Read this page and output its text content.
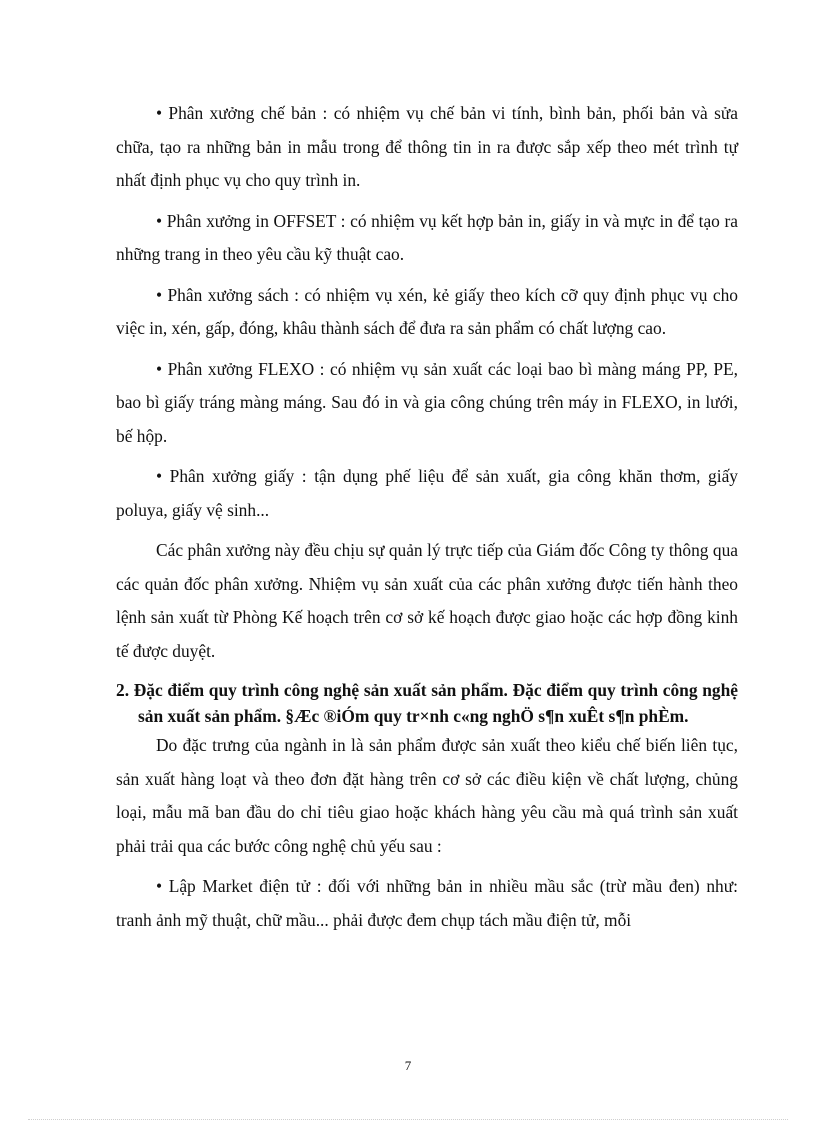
• Phân xưởng chế bản : có nhiệm vụ chế bản vi tính, bình bản, phối bản và sửa chữa, tạo ra những bản in mẫu trong để thông tin in ra được sắp xếp theo mét trình tự nhất định phục vụ cho quy trình in.

• Phân xưởng in OFFSET : có nhiệm vụ kết hợp bản in, giấy in và mực in để tạo ra những trang in theo yêu cầu kỹ thuật cao.

• Phân xưởng sách : có nhiệm vụ xén, kẻ giấy theo kích cỡ quy định phục vụ cho việc in, xén, gấp, đóng, khâu thành sách để đưa ra sản phẩm có chất lượng cao.

• Phân xưởng FLEXO : có nhiệm vụ sản xuất các loại bao bì màng máng PP, PE, bao bì giấy tráng màng máng. Sau đó in và gia công chúng trên máy in FLEXO, in lưới, bế hộp.

• Phân xưởng giấy : tận dụng phế liệu để sản xuất, gia công khăn thơm, giấy poluya, giấy vệ sinh...

Các phân xưởng này đều chịu sự quản lý trực tiếp của Giám đốc Công ty thông qua các quản đốc phân xưởng. Nhiệm vụ sản xuất của các phân xưởng được tiến hành theo lệnh sản xuất từ Phòng Kế hoạch trên cơ sở kế hoạch được giao hoặc các hợp đồng kinh tế được duyệt.

2. Đặc điểm quy trình công nghệ sản xuất sản phẩm. Đặc điểm quy trình công nghệ sản xuất sản phẩm. §Æc ®iÓm quy tr×nh c«ng nghÖ s¶n xuÊt s¶n phÈm.

Do đặc trưng của ngành in là sản phẩm được sản xuất theo kiểu chế biến liên tục, sản xuất hàng loạt và theo đơn đặt hàng trên cơ sở các điều kiện về chất lượng, chủng loại, mẫu mã ban đầu do chỉ tiêu giao hoặc khách hàng yêu cầu mà quá trình sản xuất phải trải qua các bước công nghệ chủ yếu sau :

• Lập Market điện tử : đối với những bản in nhiều mầu sắc (trừ mầu đen) như: tranh ảnh mỹ thuật, chữ mầu... phải được đem chụp tách mầu điện tử, mỗi

7
